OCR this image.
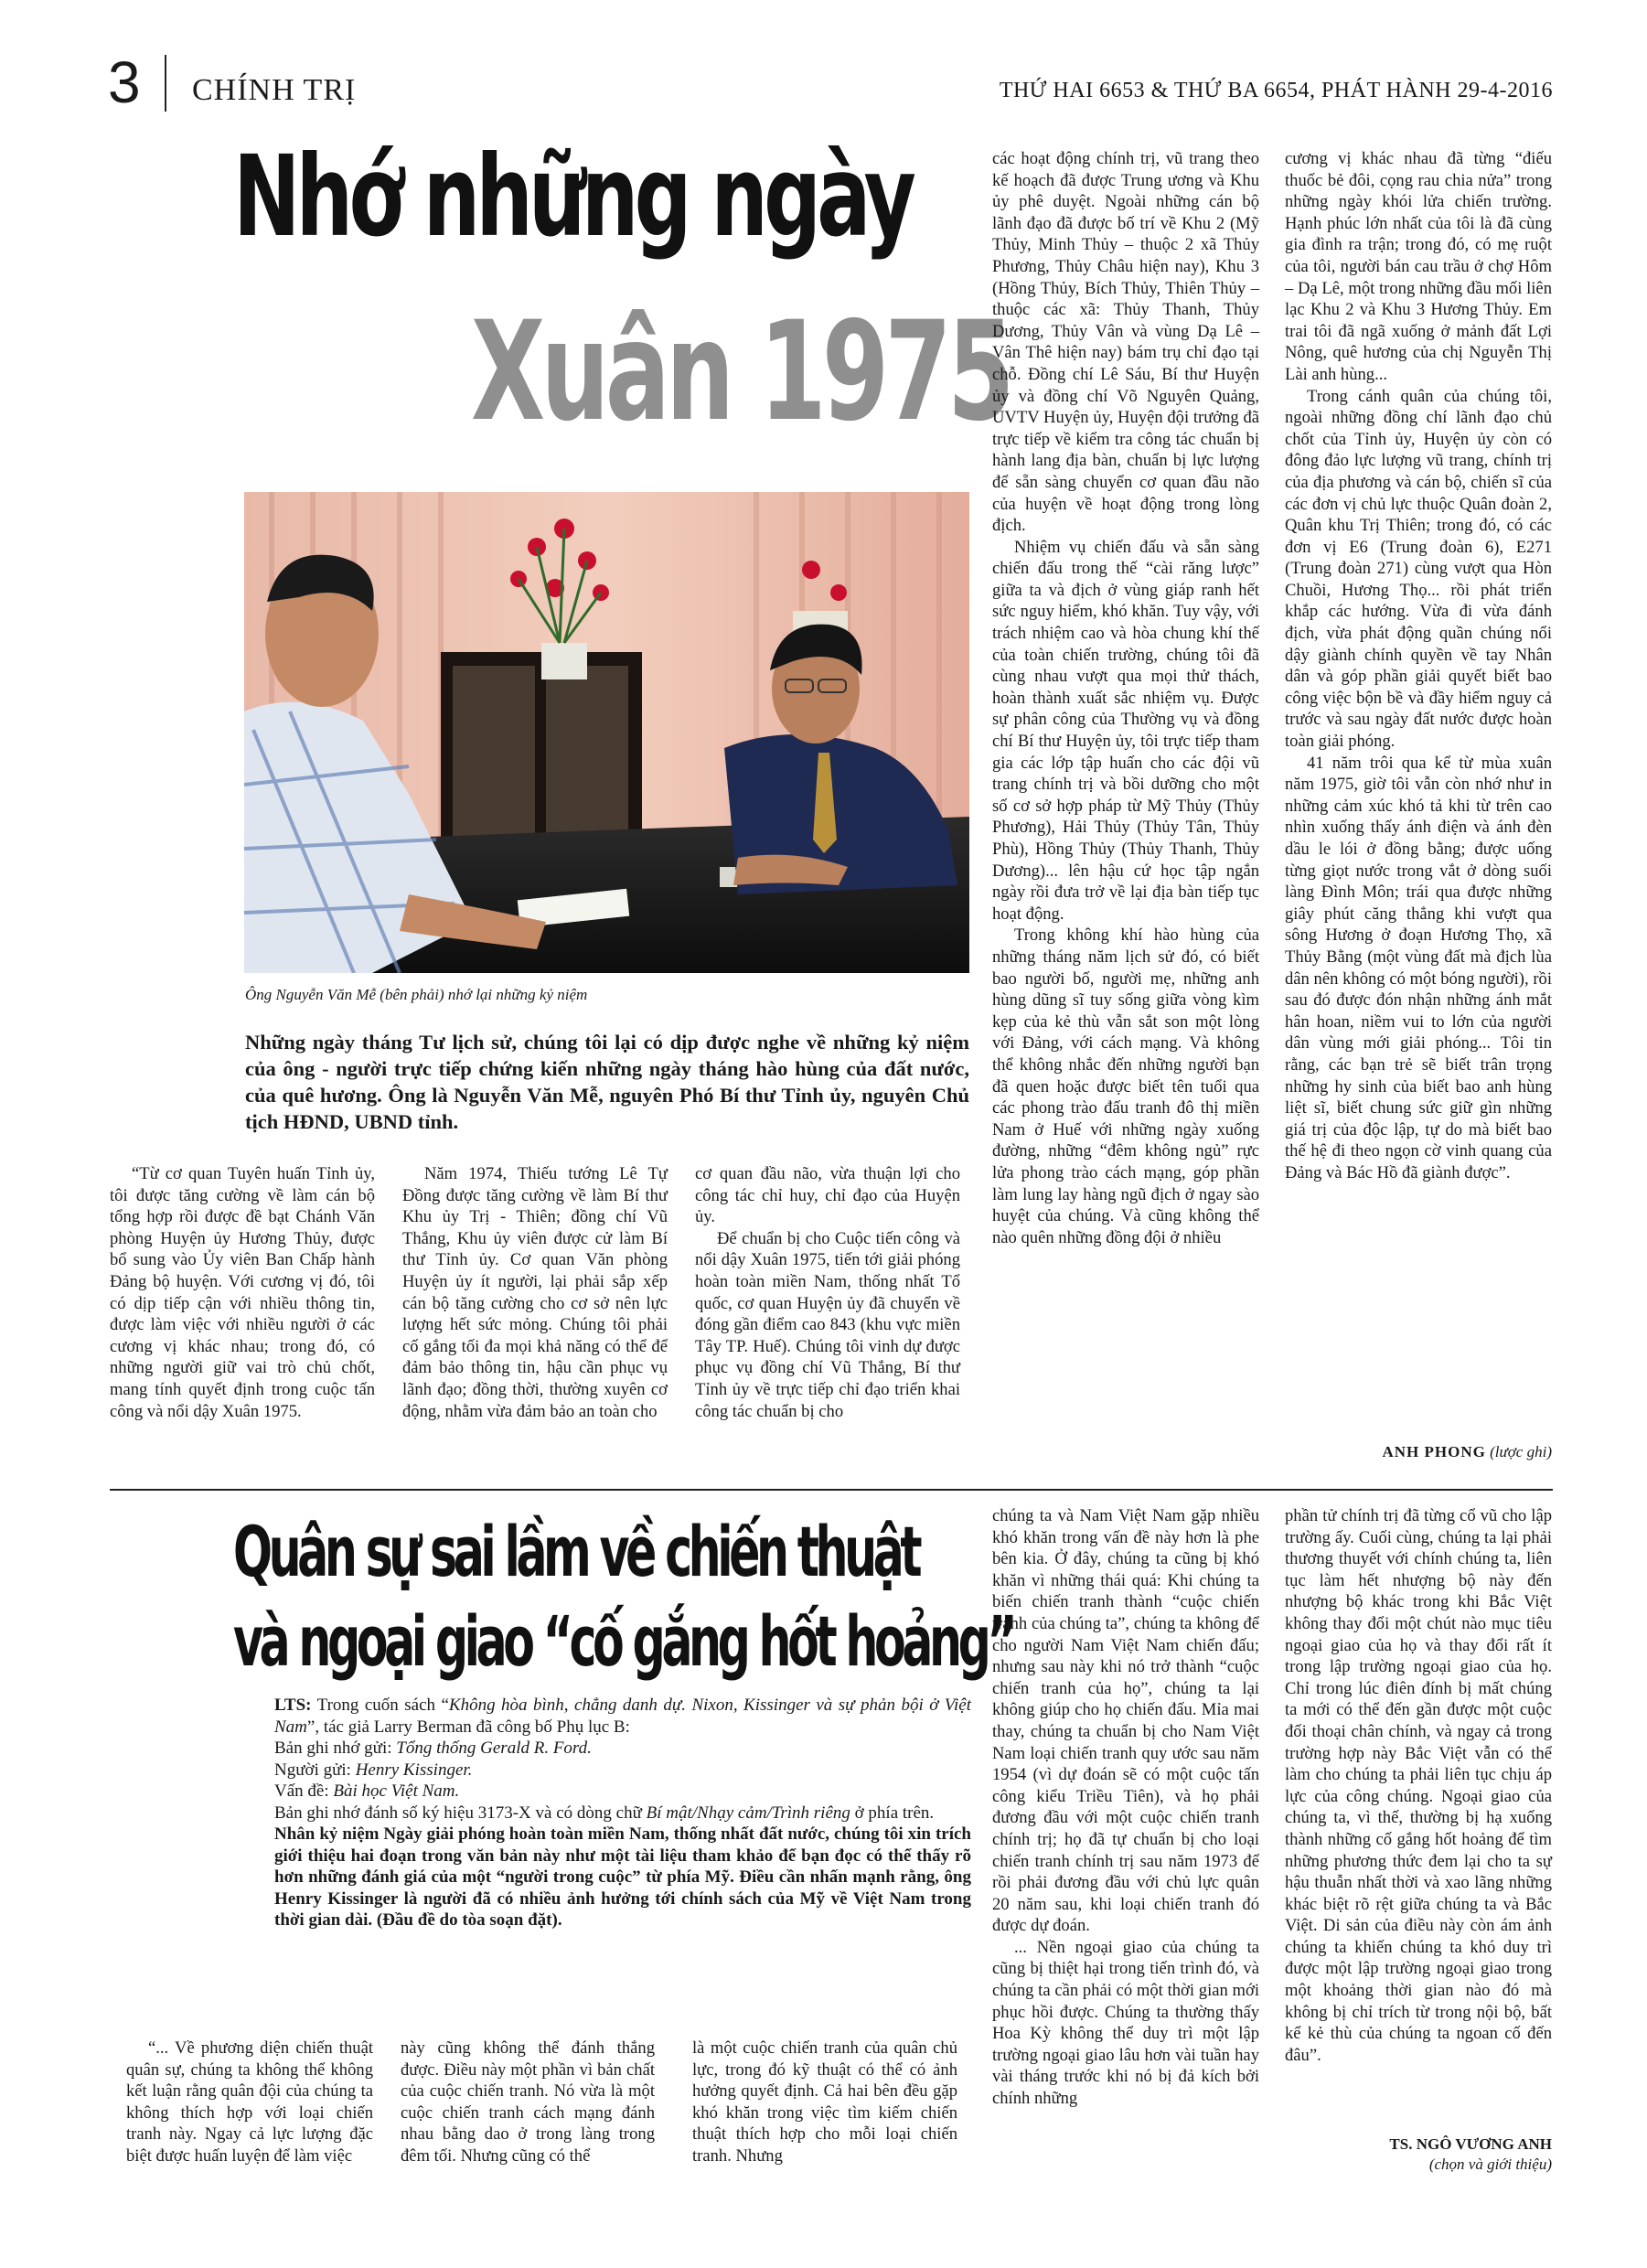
3 CHÍNH TRỊ	THỨ HAI 6653 & THỨ BA 6654, PHÁT HÀNH 29-4-2016
Nhớ những ngày
Xuân 1975
Ông Nguyễn Văn Mễ (bên phải) nhớ lại những kỷ niệm
Những ngày tháng Tư lịch sử, chúng tôi lại có dịp được nghe về những kỷ niệm của ông - người trực tiếp chứng kiến những ngày tháng hào hùng của đất nước, của quê hương. Ông là Nguyễn Văn Mễ, nguyên Phó Bí thư Tỉnh ủy, nguyên Chủ tịch HĐND, UBND tỉnh.

“Từ cơ quan Tuyên huấn Tỉnh ủy, tôi được tăng cường về làm cán bộ tổng hợp rồi được đề bạt Chánh Văn phòng Huyện ủy Hương Thủy, được bổ sung vào Ủy viên Ban Chấp hành Đảng bộ huyện. Với cương vị đó, tôi có dịp tiếp cận với nhiều thông tin, được làm việc với nhiều người ở các cương vị khác nhau; trong đó, có những người giữ vai trò chủ chốt, mang tính quyết định trong cuộc tấn công và nổi dậy Xuân 1975.

Năm 1974, Thiếu tướng Lê Tự Đồng được tăng cường về làm Bí thư Khu ủy Trị - Thiên; đồng chí Vũ Thắng, Khu ủy viên được cử làm Bí thư Tỉnh ủy. Cơ quan Văn phòng Huyện ủy ít người, lại phải sắp xếp cán bộ tăng cường cho cơ sở nên lực lượng hết sức mỏng. Chúng tôi phải cố gắng tối đa mọi khả năng có thể để đảm bảo thông tin, hậu cần phục vụ lãnh đạo; đồng thời, thường xuyên cơ động, nhằm vừa đảm bảo an toàn cho

cơ quan đầu não, vừa thuận lợi cho công tác chỉ huy, chỉ đạo của Huyện ủy.

Để chuẩn bị cho Cuộc tiến công và nổi dậy Xuân 1975, tiến tới giải phóng hoàn toàn miền Nam, thống nhất Tổ quốc, cơ quan Huyện ủy đã chuyển về đóng gần điểm cao 843 (khu vực miền Tây TP. Huế). Chúng tôi vinh dự được phục vụ đồng chí Vũ Thắng, Bí thư Tỉnh ủy về trực tiếp chỉ đạo triển khai công tác chuẩn bị cho

các hoạt động chính trị, vũ trang theo kế hoạch đã được Trung ương và Khu ủy phê duyệt. Ngoài những cán bộ lãnh đạo đã được bố trí về Khu 2 (Mỹ Thủy, Minh Thủy – thuộc 2 xã Thủy Phương, Thủy Châu hiện nay), Khu 3 (Hồng Thủy, Bích Thủy, Thiên Thủy – thuộc các xã: Thủy Thanh, Thủy Dương, Thủy Vân và vùng Dạ Lê – Vân Thê hiện nay) bám trụ chỉ đạo tại chỗ. Đồng chí Lê Sáu, Bí thư Huyện ủy và đồng chí Võ Nguyên Quảng, UVTV Huyện ủy, Huyện đội trưởng đã trực tiếp về kiểm tra công tác chuẩn bị hành lang địa bàn, chuẩn bị lực lượng để sẵn sàng chuyển cơ quan đầu não của huyện về hoạt động trong lòng địch.

Nhiệm vụ chiến đấu và sẵn sàng chiến đấu trong thế “cài răng lược” giữa ta và địch ở vùng giáp ranh hết sức nguy hiểm, khó khăn. Tuy vậy, với trách nhiệm cao và hòa chung khí thế của toàn chiến trường, chúng tôi đã cùng nhau vượt qua mọi thử thách, hoàn thành xuất sắc nhiệm vụ. Được sự phân công của Thường vụ và đồng chí Bí thư Huyện ủy, tôi trực tiếp tham gia các lớp tập huấn cho các đội vũ trang chính trị và bồi dưỡng cho một số cơ sở hợp pháp từ Mỹ Thủy (Thủy Phương), Hải Thủy (Thủy Tân, Thủy Phù), Hồng Thủy (Thủy Thanh, Thủy Dương)... lên hậu cứ học tập ngắn ngày rồi đưa trở về lại địa bàn tiếp tục hoạt động.

Trong không khí hào hùng của những tháng năm lịch sử đó, có biết bao người bố, người mẹ, những anh hùng dũng sĩ tuy sống giữa vòng kìm kẹp của kẻ thù vẫn sắt son một lòng với Đảng, với cách mạng. Và không thể không nhắc đến những người bạn đã quen hoặc được biết tên tuổi qua các phong trào đấu tranh đô thị miền Nam ở Huế với những ngày xuống đường, những “đêm không ngủ” rực lửa phong trào cách mạng, góp phần làm lung lay hàng ngũ địch ở ngay sào huyệt của chúng. Và cũng không thể nào quên những đồng đội ở nhiều

cương vị khác nhau đã từng “điếu thuốc bẻ đôi, cọng rau chia nửa” trong những ngày khói lửa chiến trường. Hạnh phúc lớn nhất của tôi là đã cùng gia đình ra trận; trong đó, có mẹ ruột của tôi, người bán cau trầu ở chợ Hôm – Dạ Lê, một trong những đầu mối liên lạc Khu 2 và Khu 3 Hương Thủy. Em trai tôi đã ngã xuống ở mảnh đất Lợi Nông, quê hương của chị Nguyễn Thị Lài anh hùng...

Trong cánh quân của chúng tôi, ngoài những đồng chí lãnh đạo chủ chốt của Tỉnh ủy, Huyện ủy còn có đông đảo lực lượng vũ trang, chính trị của địa phương và cán bộ, chiến sĩ của các đơn vị chủ lực thuộc Quân đoàn 2, Quân khu Trị Thiên; trong đó, có các đơn vị E6 (Trung đoàn 6), E271 (Trung đoàn 271) cùng vượt qua Hòn Chuồi, Hương Thọ... rồi phát triển khắp các hướng. Vừa đi vừa đánh địch, vừa phát động quần chúng nổi dậy giành chính quyền về tay Nhân dân và góp phần giải quyết biết bao công việc bộn bề và đầy hiểm nguy cả trước và sau ngày đất nước được hoàn toàn giải phóng.

41 năm trôi qua kể từ mùa xuân năm 1975, giờ tôi vẫn còn nhớ như in những cảm xúc khó tả khi từ trên cao nhìn xuống thấy ánh điện và ánh đèn dầu le lói ở đồng bằng; được uống từng giọt nước trong vắt ở dòng suối làng Đình Môn; trái qua được những giây phút căng thẳng khi vượt qua sông Hương ở đoạn Hương Thọ, xã Thủy Bằng (một vùng đất mà địch lùa dân nên không có một bóng người), rồi sau đó được đón nhận những ánh mắt hân hoan, niềm vui to lớn của người dân vùng mới giải phóng... Tôi tin rằng, các bạn trẻ sẽ biết trân trọng những hy sinh của biết bao anh hùng liệt sĩ, biết chung sức giữ gìn những giá trị của độc lập, tự do mà biết bao thế hệ đi theo ngọn cờ vinh quang của Đảng và Bác Hồ đã giành được”.

ANH PHONG (lược ghi)
Quân sự sai lầm về chiến thuật
và ngoại giao “cố gắng hốt hoảng”

LTS: Trong cuốn sách “Không hòa bình, chẳng danh dự. Nixon, Kissinger và sự phản bội ở Việt Nam”, tác giả Larry Berman đã công bố Phụ lục B:

Bản ghi nhớ gửi: Tổng thống Gerald R. Ford.

Người gửi: Henry Kissinger.

Vấn đề: Bài học Việt Nam.

Bản ghi nhớ đánh số ký hiệu 3173-X và có dòng chữ Bí mật/Nhạy cảm/Trình riêng ở phía trên.

Nhân kỷ niệm Ngày giải phóng hoàn toàn miền Nam, thống nhất đất nước, chúng tôi xin trích giới thiệu hai đoạn trong văn bản này như một tài liệu tham khảo để bạn đọc có thể thấy rõ hơn những đánh giá của một “người trong cuộc” từ phía Mỹ. Điều cần nhấn mạnh rằng, ông Henry Kissinger là người đã có nhiều ảnh hưởng tới chính sách của Mỹ về Việt Nam trong thời gian dài. (Đầu đề do tòa soạn đặt).

“... Về phương diện chiến thuật quân sự, chúng ta không thể không kết luận rằng quân đội của chúng ta không thích hợp với loại chiến tranh này. Ngay cả lực lượng đặc biệt được huấn luyện để làm việc

này cũng không thể đánh thắng được. Điều này một phần vì bản chất của cuộc chiến tranh. Nó vừa là một cuộc chiến tranh cách mạng đánh nhau bằng dao ở trong làng trong đêm tối. Nhưng cũng có thể

là một cuộc chiến tranh của quân chủ lực, trong đó kỹ thuật có thể có ảnh hưởng quyết định. Cả hai bên đều gặp khó khăn trong việc tìm kiếm chiến thuật thích hợp cho mỗi loại chiến tranh. Nhưng

chúng ta và Nam Việt Nam gặp nhiều khó khăn trong vấn đề này hơn là phe bên kia. Ở đây, chúng ta cũng bị khó khăn vì những thái quá: Khi chúng ta biến chiến tranh thành “cuộc chiến tranh của chúng ta”, chúng ta không để cho người Nam Việt Nam chiến đấu; nhưng sau này khi nó trở thành “cuộc chiến tranh của họ”, chúng ta lại không giúp cho họ chiến đấu. Mỉa mai thay, chúng ta chuẩn bị cho Nam Việt Nam loại chiến tranh quy ước sau năm 1954 (vì dự đoán sẽ có một cuộc tấn công kiểu Triều Tiên), và họ phải đương đầu với một cuộc chiến tranh chính trị; họ đã tự chuẩn bị cho loại chiến tranh chính trị sau năm 1973 để rồi phải đương đầu với chủ lực quân 20 năm sau, khi loại chiến tranh đó được dự đoán.

... Nền ngoại giao của chúng ta cũng bị thiệt hại trong tiến trình đó, và chúng ta cần phải có một thời gian mới phục hồi được. Chúng ta thường thấy Hoa Kỳ không thể duy trì một lập trường ngoại giao lâu hơn vài tuần hay vài tháng trước khi nó bị đả kích bởi chính những

phần tử chính trị đã từng cổ vũ cho lập trường ấy. Cuối cùng, chúng ta lại phải thương thuyết với chính chúng ta, liên tục làm hết nhượng bộ này đến nhượng bộ khác trong khi Bắc Việt không thay đổi một chút nào mục tiêu ngoại giao của họ và thay đổi rất ít trong lập trường ngoại giao của họ. Chỉ trong lúc điên đính bị mất chúng ta mới có thể đến gần được một cuộc đối thoại chân chính, và ngay cả trong trường hợp này Bắc Việt vẫn có thể làm cho chúng ta phải liên tục chịu áp lực của công chúng. Ngoại giao của chúng ta, vì thế, thường bị hạ xuống thành những cố gắng hốt hoảng để tìm những phương thức đem lại cho ta sự hậu thuẫn nhất thời và xao lãng những khác biệt rõ rệt giữa chúng ta và Bắc Việt. Di sản của điều này còn ám ảnh chúng ta khiến chúng ta khó duy trì được một lập trường ngoại giao trong một khoảng thời gian nào đó mà không bị chỉ trích từ trong nội bộ, bất kể kẻ thù của chúng ta ngoan cố đến đâu”.

TS. NGÔ VƯƠNG ANH
(chọn và giới thiệu)
